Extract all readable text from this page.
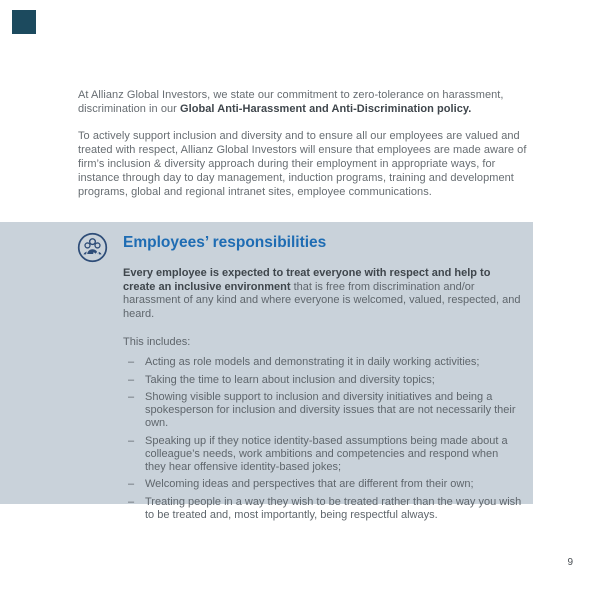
At Allianz Global Investors, we state our commitment to zero-tolerance on harassment, discrimination in our Global Anti-Harassment and Anti-Discrimination policy.

To actively support inclusion and diversity and to ensure all our employees are valued and treated with respect, Allianz Global Investors will ensure that employees are made aware of firm’s inclusion & diversity approach during their employment in appropriate ways, for instance through day to day management, induction programs, training and development programs, global and regional intranet sites, employee communications.

Employees’ responsibilities

Every employee is expected to treat everyone with respect and help to create an inclusive environment that is free from discrimination and/or harassment of any kind and where everyone is welcomed, valued, respected, and heard.

This includes:

– Acting as role models and demonstrating it in daily working activities;
– Taking the time to learn about inclusion and diversity topics;
– Showing visible support to inclusion and diversity initiatives and being a spokesperson for inclusion and diversity issues that are not necessarily their own.
– Speaking up if they notice identity-based assumptions being made about a colleague’s needs, work ambitions and competencies and respond when they hear offensive identity-based jokes;
– Welcoming ideas and perspectives that are different from their own;
– Treating people in a way they wish to be treated rather than the way you wish to be treated and, most importantly, being respectful always.
9
